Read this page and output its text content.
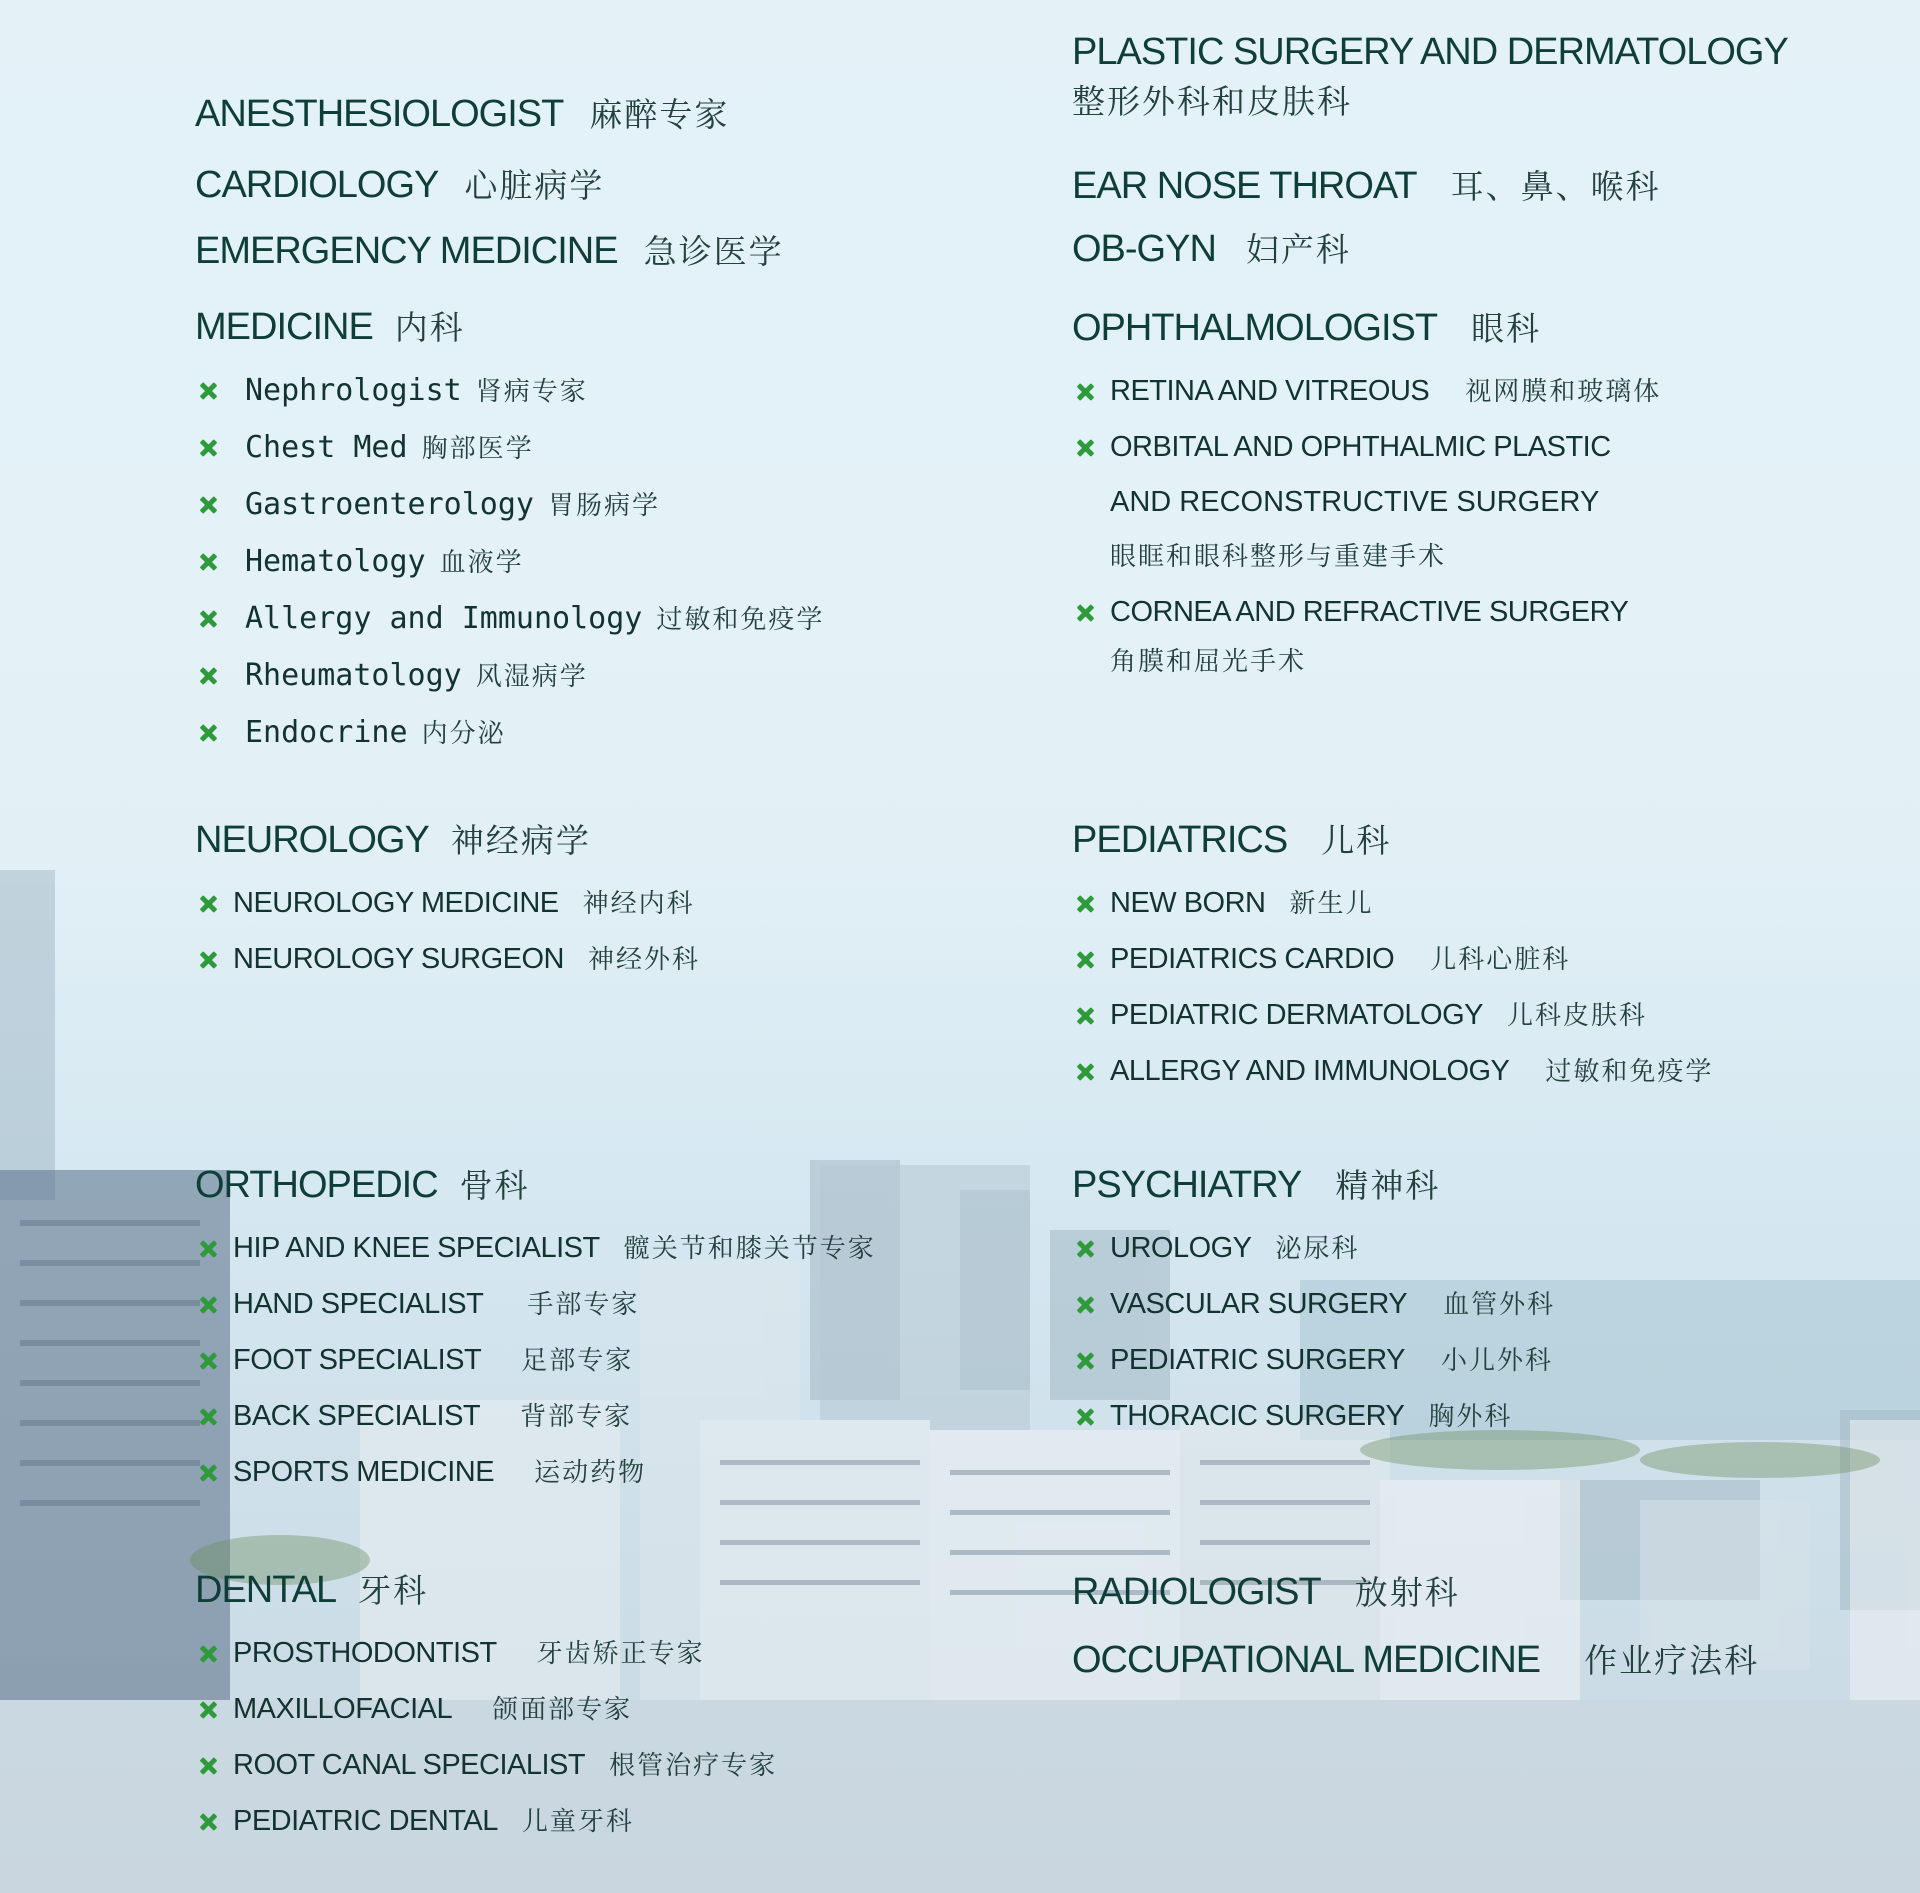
ANESTHESIOLOGIST 麻醉专家
CARDIOLOGY 心脏病学
EMERGENCY MEDICINE 急诊医学
MEDICINE 内科
Nephrologist 肾病专家
Chest Med 胸部医学
Gastroenterology 胃肠病学
Hematology 血液学
Allergy and Immunology 过敏和免疫学
Rheumatology 风湿病学
Endocrine 内分泌
NEUROLOGY 神经病学
NEUROLOGY MEDICINE 神经内科
NEUROLOGY SURGEON 神经外科
ORTHOPEDIC 骨科
HIP AND KNEE SPECIALIST 髋关节和膝关节专家
HAND SPECIALIST 手部专家
FOOT SPECIALIST 足部专家
BACK SPECIALIST 背部专家
SPORTS MEDICINE 运动药物
DENTAL 牙科
PROSTHODONTIST 牙齿矫正专家
MAXILLOFACIAL 颌面部专家
ROOT CANAL SPECIALIST 根管治疗专家
PEDIATRIC DENTAL 儿童牙科
PLASTIC SURGERY AND DERMATOLOGY
整形外科和皮肤科
EAR NOSE THROAT 耳、鼻、喉科
OB-GYN 妇产科
OPHTHALMOLOGIST 眼科
RETINA AND VITREOUS 视网膜和玻璃体
ORBITAL AND OPHTHALMIC PLASTIC
AND RECONSTRUCTIVE SURGERY
眼眶和眼科整形与重建手术
CORNEA AND REFRACTIVE SURGERY
角膜和屈光手术
PEDIATRICS 儿科
NEW BORN 新生儿
PEDIATRICS CARDIO 儿科心脏科
PEDIATRIC DERMATOLOGY 儿科皮肤科
ALLERGY AND IMMUNOLOGY 过敏和免疫学
PSYCHIATRY 精神科
UROLOGY 泌尿科
VASCULAR SURGERY 血管外科
PEDIATRIC SURGERY 小儿外科
THORACIC SURGERY 胸外科
RADIOLOGIST 放射科
OCCUPATIONAL MEDICINE 作业疗法科
